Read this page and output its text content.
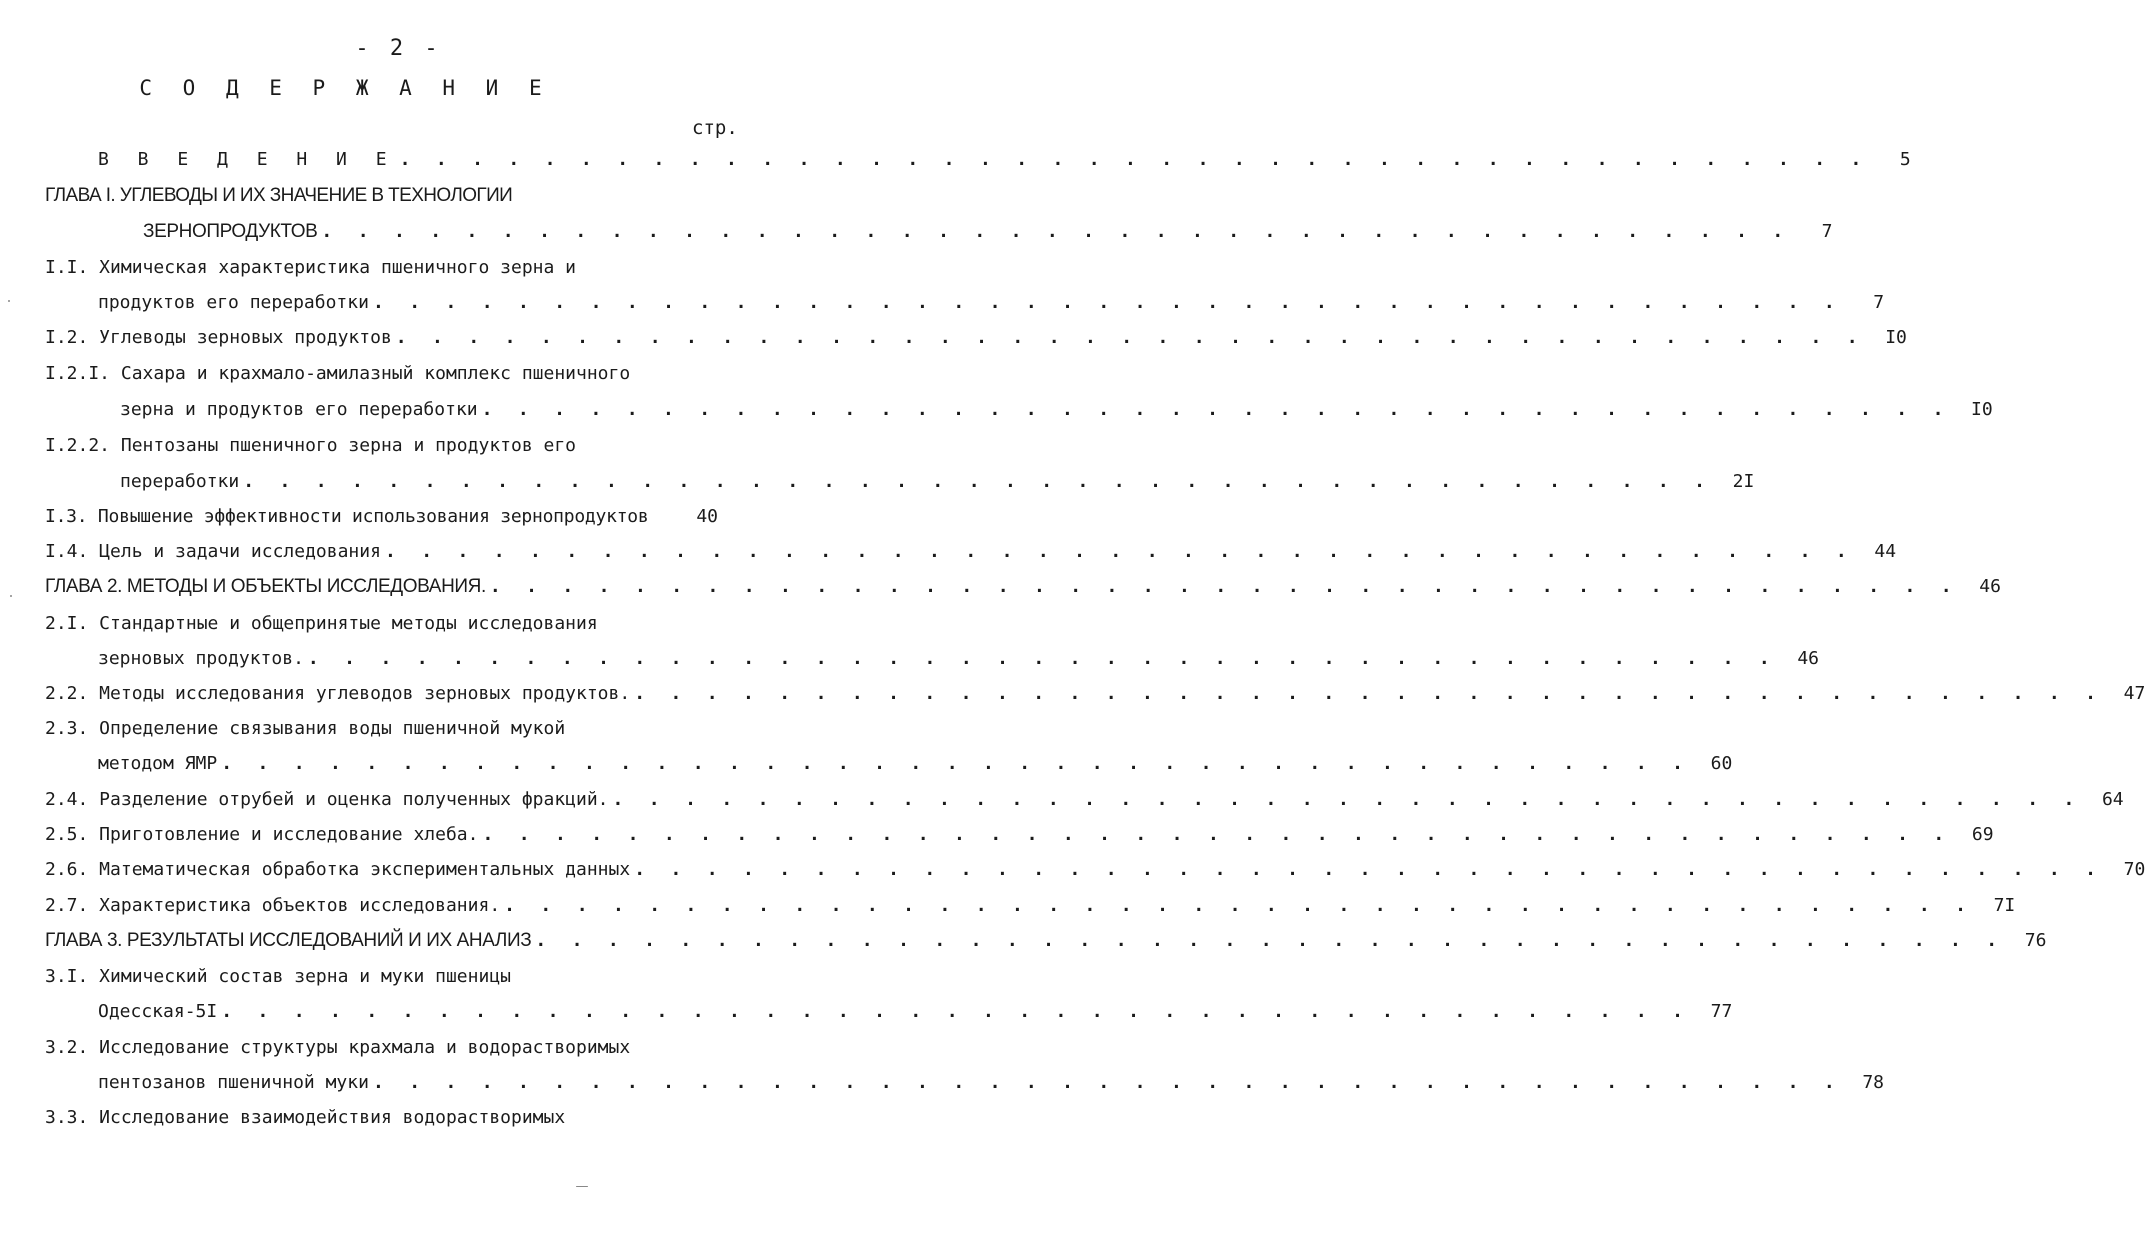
- 2 -
С О Д Е Р Ж А Н И Е
стр.
В В Е Д Е Н И Е . . . . . . . . . . . . . . . . . . . . . . . . . . . . . . . . . . . . . . . . .	5
ГЛАВА I. УГЛЕВОДЫ И ИХ ЗНАЧЕНИЕ В ТЕХНОЛОГИИ
ЗЕРНОПРОДУКТОВ . . . . . . . . . . . . . . . . . . . . . . . . . . . . . . . . . . . . . . . . .	7
I.I. Химическая характеристика пшеничного зерна и
продуктов его переработки . . . . . . . . . . . . . . . . . . . . . . . . . . . . . . . . . . . . . . . . .	7
I.2. Углеводы зерновых продуктов . . . . . . . . . . . . . . . . . . . . . . . . . . . . . . . . . . . . . . . . .	I0
I.2.I. Сахара и крахмало-амилазный комплекс пшеничного
зерна и продуктов его переработки . . . . . . . . . . . . . . . . . . . . . . . . . . . . . . . . . . . . . . . . .	I0
I.2.2. Пентозаны пшеничного зерна и продуктов его
переработки . . . . . . . . . . . . . . . . . . . . . . . . . . . . . . . . . . . . . . . . .	2I
I.3. Повышение эффективности использования зернопродуктов	40
I.4. Цель и задачи исследования . . . . . . . . . . . . . . . . . . . . . . . . . . . . . . . . . . . . . . . . .	44
ГЛАВА 2. МЕТОДЫ И ОБЪЕКТЫ ИССЛЕДОВАНИЯ. . . . . . . . . . . . . . . . . . . . . . . . . . . . . . . . . . . . . . . . . .	46
2.I. Стандартные и общепринятые методы исследования
зерновых продуктов. . . . . . . . . . . . . . . . . . . . . . . . . . . . . . . . . . . . . . . . . .	46
2.2. Методы исследования углеводов зерновых продуктов. . . . . . . . . . . . . . . . . . . . . . . . . . . . . . . . . . . . . . . . . .	47
2.3. Определение связывания воды пшеничной мукой
методом ЯМР . . . . . . . . . . . . . . . . . . . . . . . . . . . . . . . . . . . . . . . . .	60
2.4. Разделение отрубей и оценка полученных фракций. . . . . . . . . . . . . . . . . . . . . . . . . . . . . . . . . . . . . . . . . .	64
2.5. Приготовление и исследование хлеба. . . . . . . . . . . . . . . . . . . . . . . . . . . . . . . . . . . . . . . . . .	69
2.6. Математическая обработка экспериментальных данных . . . . . . . . . . . . . . . . . . . . . . . . . . . . . . . . . . . . . . . . .	70
2.7. Характеристика объектов исследования. . . . . . . . . . . . . . . . . . . . . . . . . . . . . . . . . . . . . . . . . .	7I
ГЛАВА 3. РЕЗУЛЬТАТЫ ИССЛЕДОВАНИЙ И ИХ АНАЛИЗ . . . . . . . . . . . . . . . . . . . . . . . . . . . . . . . . . . . . . . . . .	76
3.I. Химический состав зерна и муки пшеницы
Одесская-5I . . . . . . . . . . . . . . . . . . . . . . . . . . . . . . . . . . . . . . . . .	77
3.2. Исследование структуры крахмала и водорастворимых
пентозанов пшеничной муки . . . . . . . . . . . . . . . . . . . . . . . . . . . . . . . . . . . . . . . . .	78
3.3. Исследование взаимодействия водорастворимых
